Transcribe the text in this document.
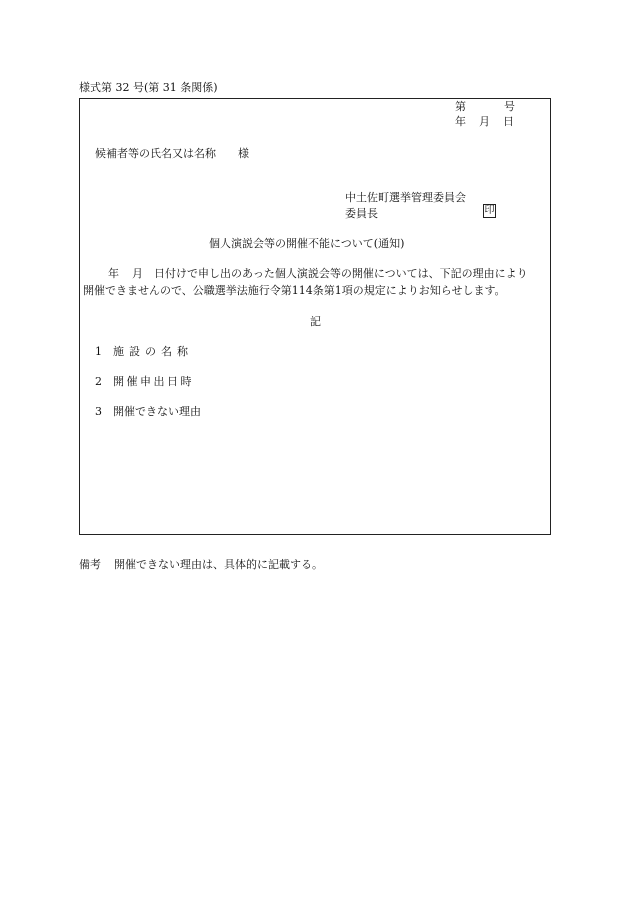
様式第 32 号(第 31 条関係)
第	号
年 月 日
候補者等の氏名又は名称 様
中土佐町選挙管理委員会
委員長	印
個人演説会等の開催不能について(通知)
年 月 日付けで申し出のあった個人演説会等の開催については、下記の理由により
開催できませんので、公職選挙法施行令第114条第1項の規定によりお知らせします。
記
1 施設の名称
2 開催申出日時
3 開催できない理由
備考 開催できない理由は、具体的に記載する。
